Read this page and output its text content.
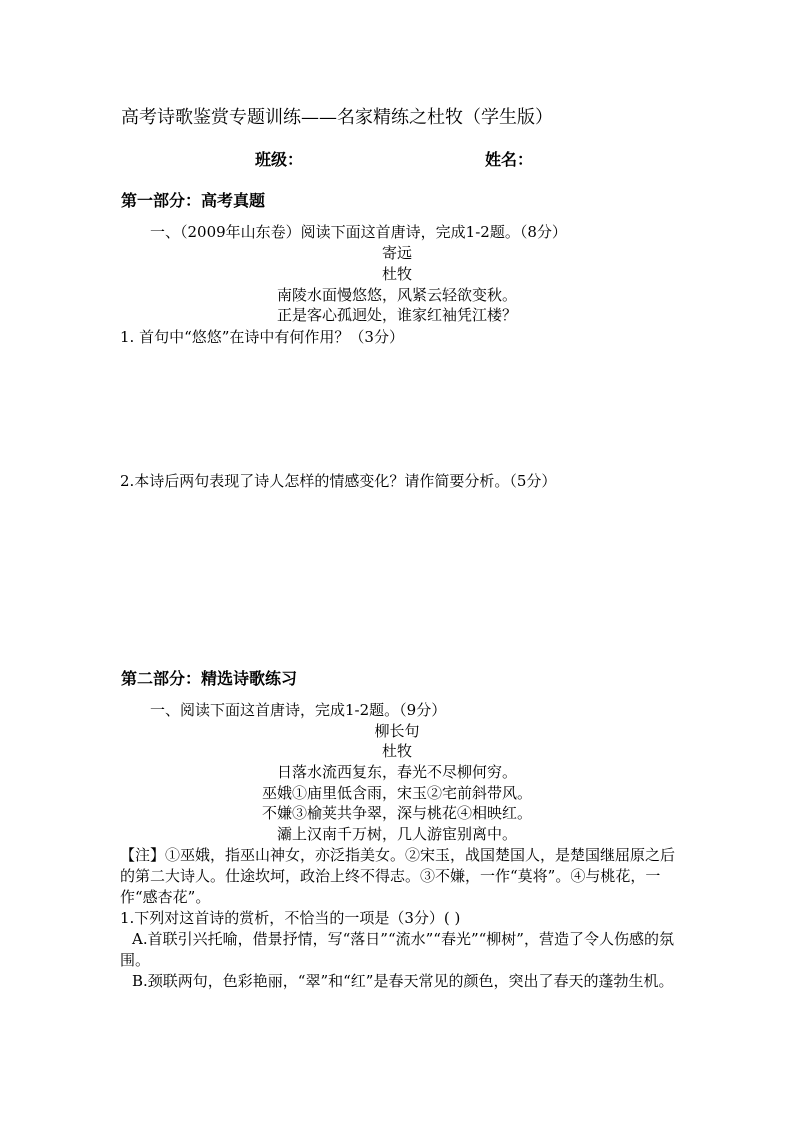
高考诗歌鉴赏专题训练——名家精练之杜牧（学生版）
班级：	姓名：
第一部分：高考真题
一、（2009年山东卷）阅读下面这首唐诗，完成1-2题。（8分）
寄远
杜牧
南陵水面慢悠悠，风紧云轻欲变秋。
正是客心孤迥处，谁家红袖凭江楼？
1. 首句中“悠悠”在诗中有何作用？（3分）
2.本诗后两句表现了诗人怎样的情感变化？请作简要分析。（5分）
第二部分：精选诗歌练习
一、阅读下面这首唐诗，完成1-2题。（9分）
柳长句
杜牧
日落水流西复东，春光不尽柳何穷。
巫娥①庙里低含雨，宋玉②宅前斜带风。
不嫌③榆荚共争翠，深与桃花④相映红。
灞上汉南千万树，几人游宦别离中。
【注】①巫娥，指巫山神女，亦泛指美女。②宋玉，战国楚国人，是楚国继屈原之后的第二大诗人。仕途坎坷，政治上终不得志。③不嫌，一作“莫将”。④与桃花，一作“感杏花”。
1.下列对这首诗的赏析，不恰当的一项是（3分）( )
A.首联引兴托喻，借景抒情，写“落日”“流水”“春光”“柳树”，营造了令人伤感的氛围。
B.颈联两句，色彩艳丽，“翠”和“红”是春天常见的颜色，突出了春天的蓬勃生机。
